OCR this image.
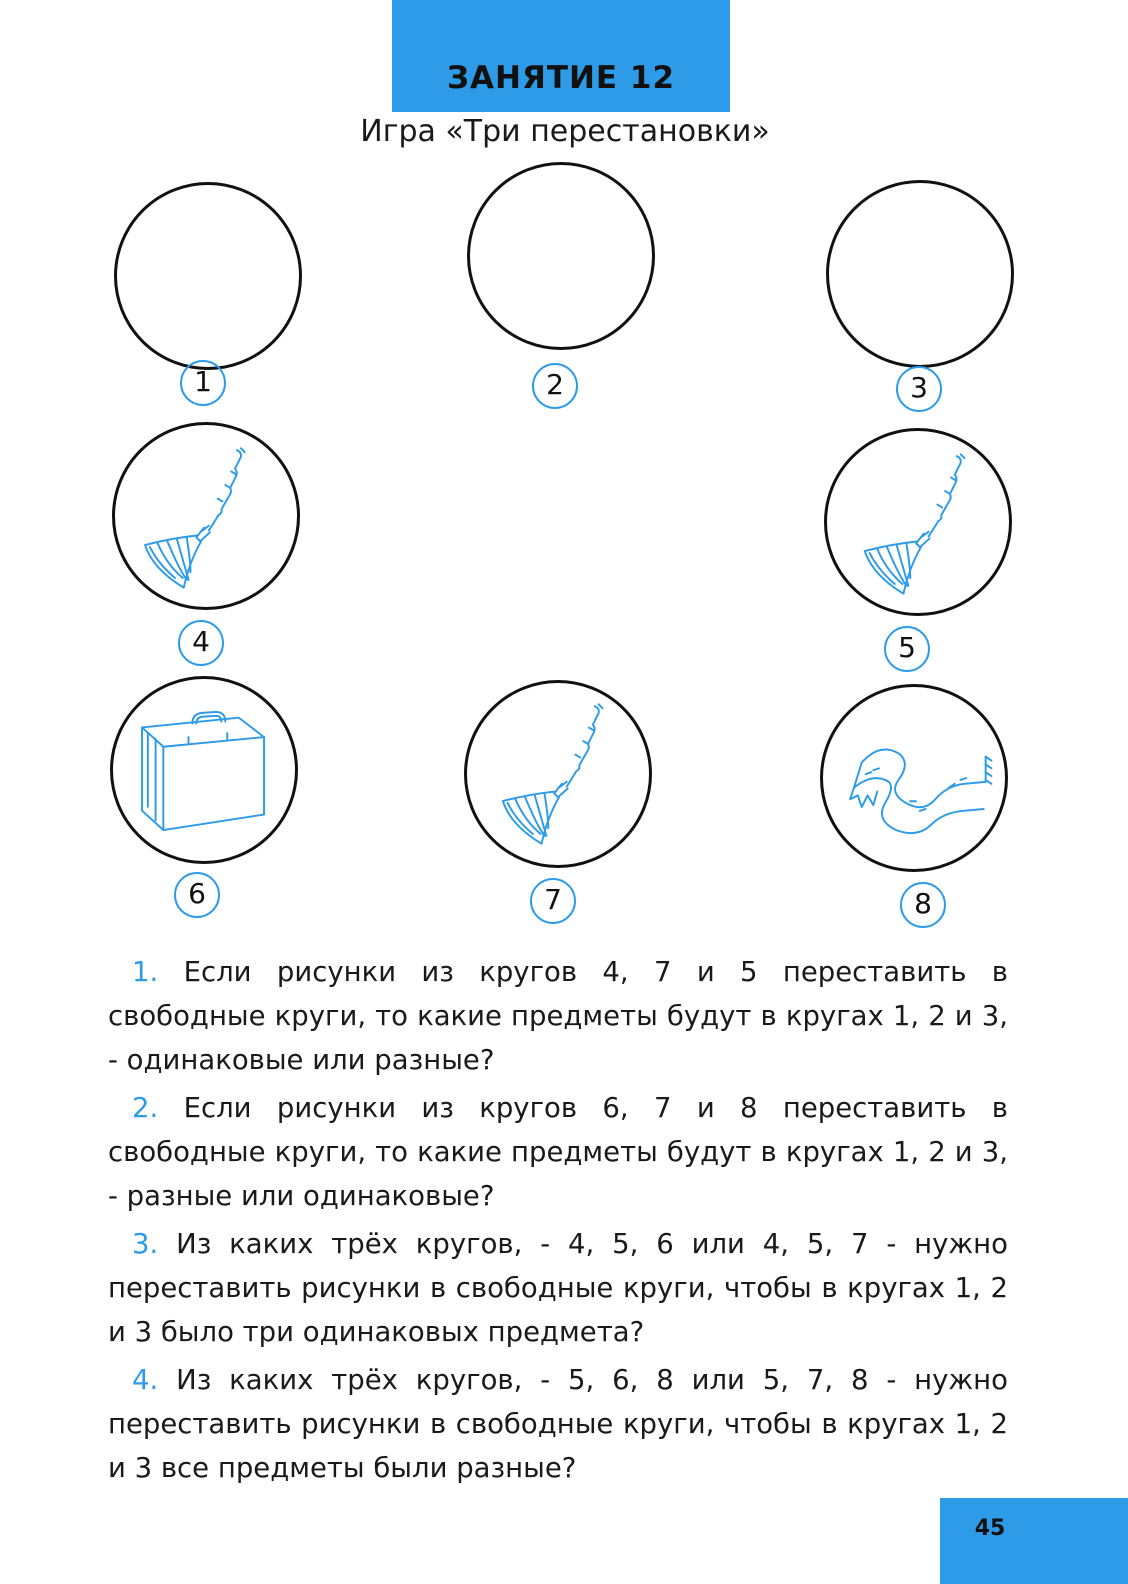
ЗАНЯТИЕ 12
Игра «Три перестановки»
1	2	3
4	5
6	7	8

1. Если рисунки из кругов 4, 7 и 5 переставить в свободные круги, то какие предметы будут в кругах 1, 2 и 3, - одинаковые или разные?

2. Если рисунки из кругов 6, 7 и 8 переставить в свободные круги, то какие предметы будут в кругах 1, 2 и 3, - разные или одинаковые?

3. Из каких трёх кругов, - 4, 5, 6 или 4, 5, 7 - нужно переставить рисунки в свободные круги, чтобы в кругах 1, 2 и 3 было три одинаковых предмета?

4. Из каких трёх кругов, - 5, 6, 8 или 5, 7, 8 - нужно переставить рисунки в свободные круги, чтобы в кругах 1, 2 и 3 все предметы были разные?

45
